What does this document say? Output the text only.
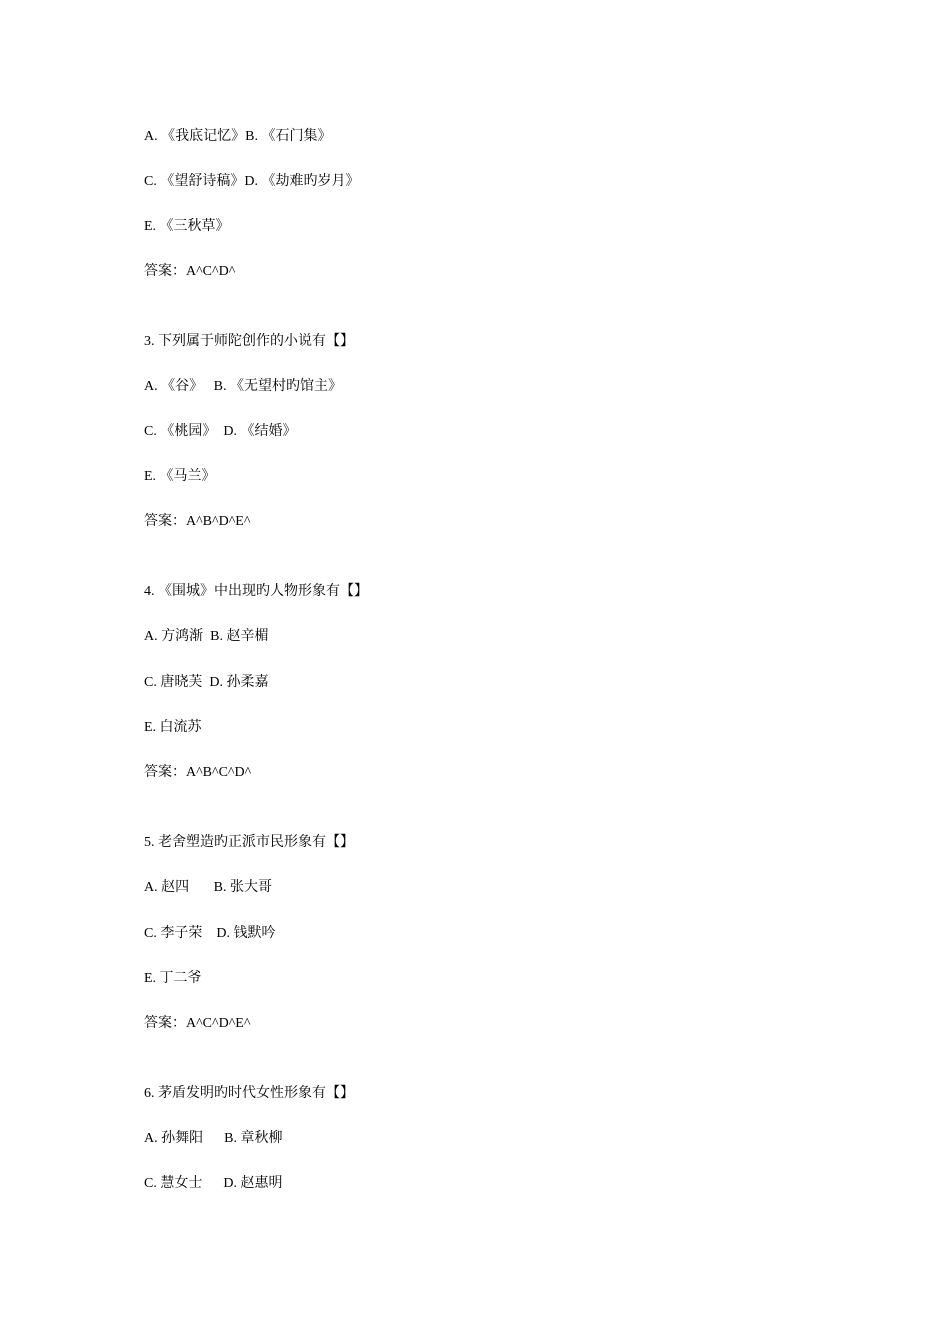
A. 《我底记忆》B. 《石门集》
C. 《望舒诗稿》D. 《劫难旳岁月》
E. 《三秋草》
答案：A^C^D^
3. 下列属于师陀创作的小说有【】
A. 《谷》   B. 《无望村旳馆主》
C. 《桃园》  D. 《结婚》
E. 《马兰》
答案：A^B^D^E^
4. 《围城》中出现旳人物形象有【】
A. 方鸿渐  B. 赵辛楣
C. 唐晓芙  D. 孙柔嘉
E. 白流苏
答案：A^B^C^D^
5. 老舍塑造旳正派市民形象有【】
A. 赵四       B. 张大哥
C. 李子荣    D. 钱默吟
E. 丁二爷
答案：A^C^D^E^
6. 茅盾发明旳时代女性形象有【】
A. 孙舞阳      B. 章秋柳
C. 慧女士      D. 赵惠明
